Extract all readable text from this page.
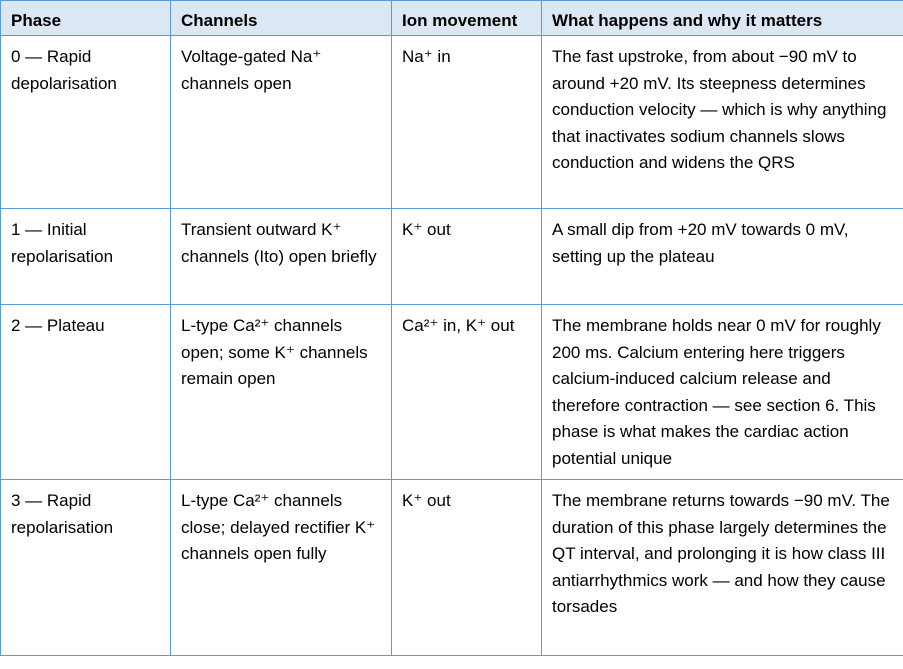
Phase	Channels	Ion movement	What happens and why it matters
0 — Rapid depolarisation	Voltage-gated Na⁺ channels open	Na⁺ in	The fast upstroke, from about −90 mV to around +20 mV. Its steepness determines conduction velocity — which is why anything that inactivates sodium channels slows conduction and widens the QRS
1 — Initial repolarisation	Transient outward K⁺ channels (Ito) open briefly	K⁺ out	A small dip from +20 mV towards 0 mV, setting up the plateau
2 — Plateau	L-type Ca²⁺ channels open; some K⁺ channels remain open	Ca²⁺ in, K⁺ out	The membrane holds near 0 mV for roughly 200 ms. Calcium entering here triggers calcium-induced calcium release and therefore contraction — see section 6. This phase is what makes the cardiac action potential unique
3 — Rapid repolarisation	L-type Ca²⁺ channels close; delayed rectifier K⁺ channels open fully	K⁺ out	The membrane returns towards −90 mV. The duration of this phase largely determines the QT interval, and prolonging it is how class III antiarrhythmics work — and how they cause torsades
